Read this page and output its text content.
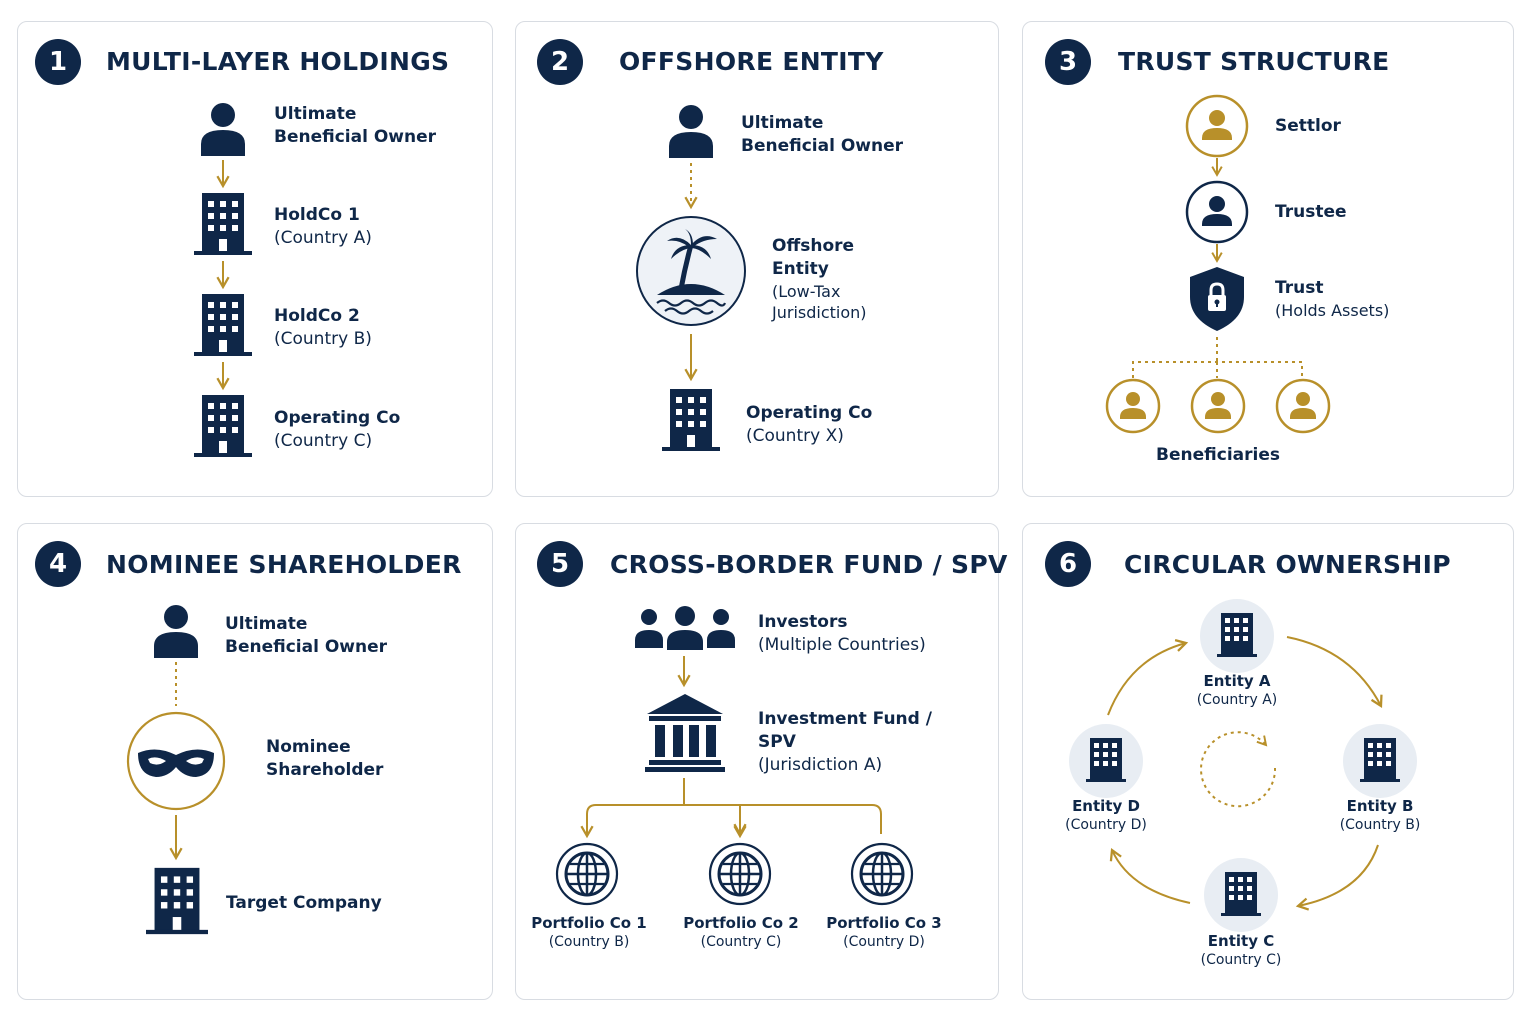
1	MULTI-LAYER HOLDINGS
Ultimate
Beneficial Owner
HoldCo 1
(Country A)
HoldCo 2
(Country B)
Operating Co
(Country C)
2	OFFSHORE ENTITY
Ultimate
Beneficial Owner
Offshore
Entity
(Low-Tax
Jurisdiction)
Operating Co
(Country X)
3	TRUST STRUCTURE
Settlor
Trustee
Trust
(Holds Assets)
Beneficiaries
4	NOMINEE SHAREHOLDER
Ultimate
Beneficial Owner
Nominee
Shareholder
Target Company
5	CROSS-BORDER FUND / SPV
Investors
(Multiple Countries)
Investment Fund /
SPV
(Jurisdiction A)
Portfolio Co 1
(Country B)
Portfolio Co 2
(Country C)
Portfolio Co 3
(Country D)
6	CIRCULAR OWNERSHIP
Entity A
(Country A)
Entity B
(Country B)
Entity C
(Country C)
Entity D
(Country D)
